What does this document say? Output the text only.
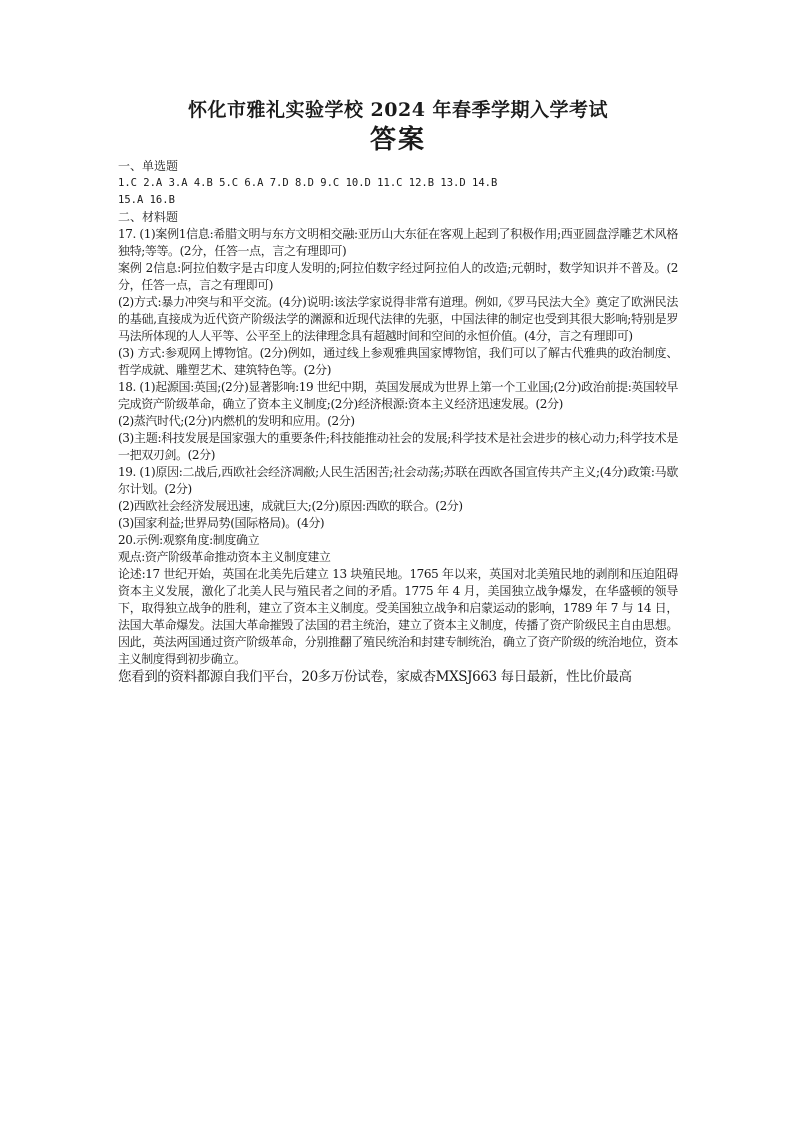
怀化市雅礼实验学校 2024 年春季学期入学考试
答案
一、单选题
1.C 2.A 3.A 4.B 5.C 6.A 7.D 8.D 9.C 10.D 11.C 12.B 13.D 14.B
15.A 16.B
二、材料题

17. (1)案例1信息:希腊文明与东方文明相交融:亚历山大东征在客观上起到了积极作用;西亚圆盘浮雕艺术风格独特;等等。(2分，任答一点，言之有理即可)

案例 2信息:阿拉伯数字是古印度人发明的;阿拉伯数字经过阿拉伯人的改造;元朝时，数学知识并不普及。(2分，任答一点，言之有理即可)

(2)方式:暴力冲突与和平交流。(4分)说明:该法学家说得非常有道理。例如,《罗马民法大全》奠定了欧洲民法的基础,直接成为近代资产阶级法学的渊源和近现代法律的先驱，中国法律的制定也受到其很大影响;特别是罗马法所体现的人人平等、公平至上的法律理念具有超越时间和空间的永恒价值。(4分，言之有理即可)

(3) 方式:参观网上博物馆。(2分)例如，通过线上参观雅典国家博物馆，我们可以了解古代雅典的政治制度、哲学成就、雕塑艺术、建筑特色等。(2分)

18. (1)起源国:英国;(2分)显著影响:19 世纪中期，英国发展成为世界上第一个工业国;(2分)政治前提:英国较早完成资产阶级革命，确立了资本主义制度;(2分)经济根源:资本主义经济迅速发展。(2分)

(2)蒸汽时代;(2分)内燃机的发明和应用。(2分)

(3)主题:科技发展是国家强大的重要条件;科技能推动社会的发展;科学技术是社会进步的核心动力;科学技术是一把双刃剑。(2分)

19. (1)原因:二战后,西欧社会经济凋敝;人民生活困苦;社会动荡;苏联在西欧各国宣传共产主义;(4分)政策:马歇尔计划。(2分)

(2)西欧社会经济发展迅速，成就巨大;(2分)原因:西欧的联合。(2分)

(3)国家利益;世界局势(国际格局)。(4分)

20.示例:观察角度:制度确立

观点:资产阶级革命推动资本主义制度建立

论述:17 世纪开始，英国在北美先后建立 13 块殖民地。1765 年以来，英国对北美殖民地的剥削和压迫阻碍资本主义发展，激化了北美人民与殖民者之间的矛盾。1775 年 4 月，美国独立战争爆发，在华盛顿的领导下，取得独立战争的胜利，建立了资本主义制度。受美国独立战争和启蒙运动的影响，1789 年 7 与 14 日，法国大革命爆发。法国大革命摧毁了法国的君主统治，建立了资本主义制度，传播了资产阶级民主自由思想。因此，英法两国通过资产阶级革命，分别推翻了殖民统治和封建专制统治，确立了资产阶级的统治地位，资本主义制度得到初步确立。

您看到的资料都源自我们平台，20多万份试卷，家威杏MXSJ663 每日最新，性比价最高
